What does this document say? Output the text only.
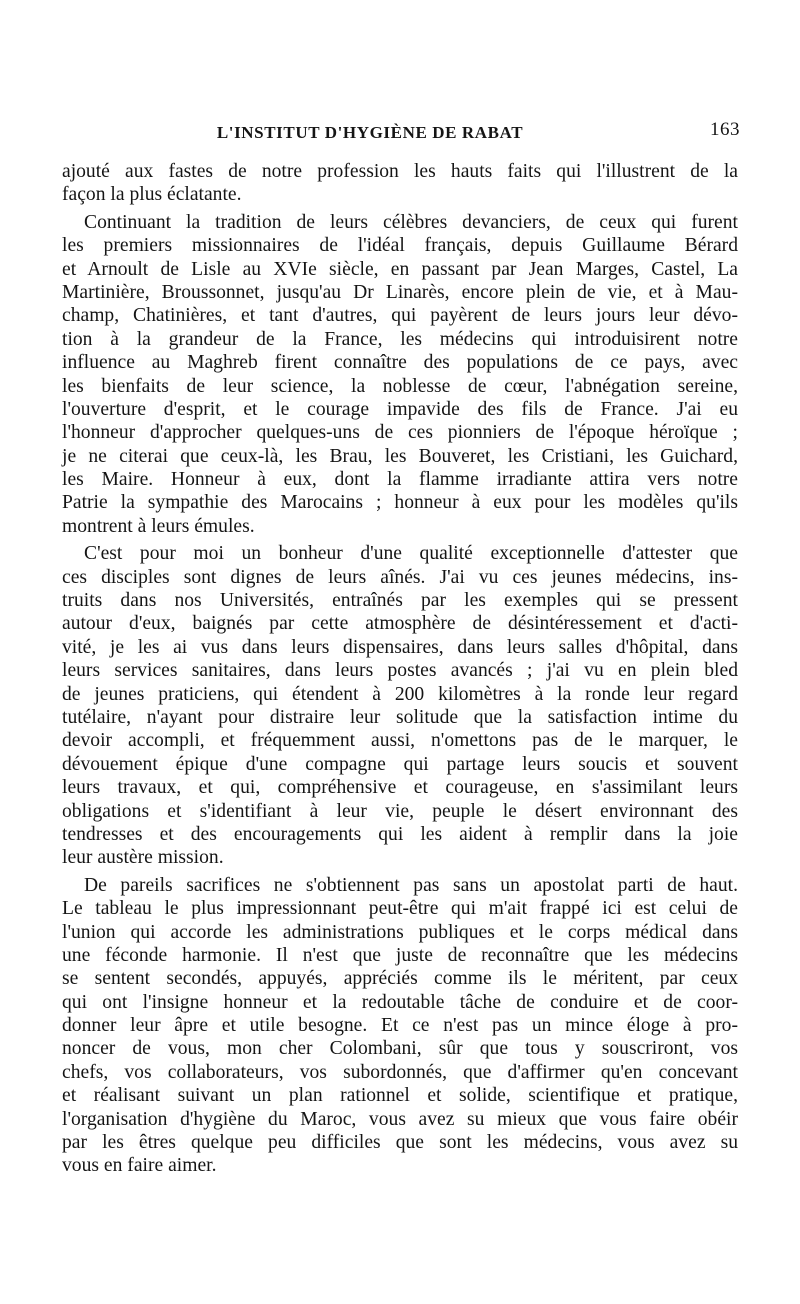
L'INSTITUT D'HYGIÈNE DE RABAT	163
ajouté aux fastes de notre profession les hauts faits qui l'illustrent de la
façon la plus éclatante.
Continuant la tradition de leurs célèbres devanciers, de ceux qui furent
les premiers missionnaires de l'idéal français, depuis Guillaume Bérard
et Arnoult de Lisle au XVIe siècle, en passant par Jean Marges, Castel, La
Martinière, Broussonnet, jusqu'au Dr Linarès, encore plein de vie, et à Mau-
champ, Chatinières, et tant d'autres, qui payèrent de leurs jours leur dévo-
tion à la grandeur de la France, les médecins qui introduisirent notre
influence au Maghreb firent connaître des populations de ce pays, avec
les bienfaits de leur science, la noblesse de cœur, l'abnégation sereine,
l'ouverture d'esprit, et le courage impavide des fils de France. J'ai eu
l'honneur d'approcher quelques-uns de ces pionniers de l'époque héroïque ;
je ne citerai que ceux-là, les Brau, les Bouveret, les Cristiani, les Guichard,
les Maire. Honneur à eux, dont la flamme irradiante attira vers notre
Patrie la sympathie des Marocains ; honneur à eux pour les modèles qu'ils
montrent à leurs émules.
C'est pour moi un bonheur d'une qualité exceptionnelle d'attester que
ces disciples sont dignes de leurs aînés. J'ai vu ces jeunes médecins, ins-
truits dans nos Universités, entraînés par les exemples qui se pressent
autour d'eux, baignés par cette atmosphère de désintéressement et d'acti-
vité, je les ai vus dans leurs dispensaires, dans leurs salles d'hôpital, dans
leurs services sanitaires, dans leurs postes avancés ; j'ai vu en plein bled
de jeunes praticiens, qui étendent à 200 kilomètres à la ronde leur regard
tutélaire, n'ayant pour distraire leur solitude que la satisfaction intime du
devoir accompli, et fréquemment aussi, n'omettons pas de le marquer, le
dévouement épique d'une compagne qui partage leurs soucis et souvent
leurs travaux, et qui, compréhensive et courageuse, en s'assimilant leurs
obligations et s'identifiant à leur vie, peuple le désert environnant des
tendresses et des encouragements qui les aident à remplir dans la joie
leur austère mission.
De pareils sacrifices ne s'obtiennent pas sans un apostolat parti de haut.
Le tableau le plus impressionnant peut-être qui m'ait frappé ici est celui de
l'union qui accorde les administrations publiques et le corps médical dans
une féconde harmonie. Il n'est que juste de reconnaître que les médecins
se sentent secondés, appuyés, appréciés comme ils le méritent, par ceux
qui ont l'insigne honneur et la redoutable tâche de conduire et de coor-
donner leur âpre et utile besogne. Et ce n'est pas un mince éloge à pro-
noncer de vous, mon cher Colombani, sûr que tous y souscriront, vos
chefs, vos collaborateurs, vos subordonnés, que d'affirmer qu'en concevant
et réalisant suivant un plan rationnel et solide, scientifique et pratique,
l'organisation d'hygiène du Maroc, vous avez su mieux que vous faire obéir
par les êtres quelque peu difficiles que sont les médecins, vous avez su
vous en faire aimer.
